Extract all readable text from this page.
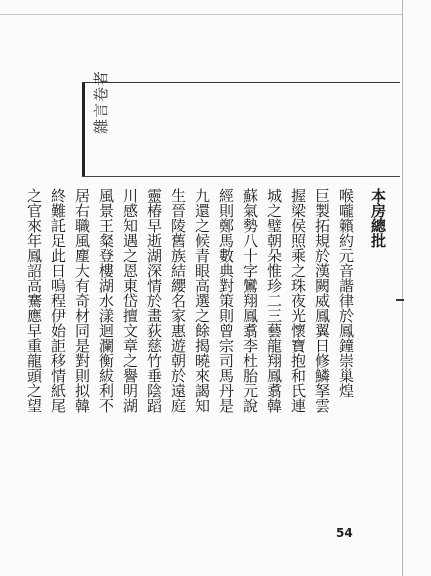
雜言卷者
本房總批
喉嚨籟約元音諧律於鳳鐘崇巢煌
巨製拓規於漢闕威鳳翼日修鱗拏雲
握梁侯照乘之珠夜光懷寶抱和氏連
城之璧朝朵惟珍二三藝龍翔鳳翥韓
蘇氣勢八十字鸞翔鳳翥李杜胎元說
經則鄭馬數典對策則曾宗司馬丹是
九還之候青眼高選之餘揭曉來謁知
生晉陵舊族結纓名家惠遊朝於遠庭
靈椿早逝湖深情於畫荻慈竹垂陰蹈
川感知遇之恩東岱擅文章之譽明湖
風景王粲登樓湖水漾迴瀾衡紱利不
居右職風塵大有奇材同是對則拟韓
終難託足此日嗚程伊始詎移情紙尾
之官來年鳳詔高騫應早重龍頭之望
54
